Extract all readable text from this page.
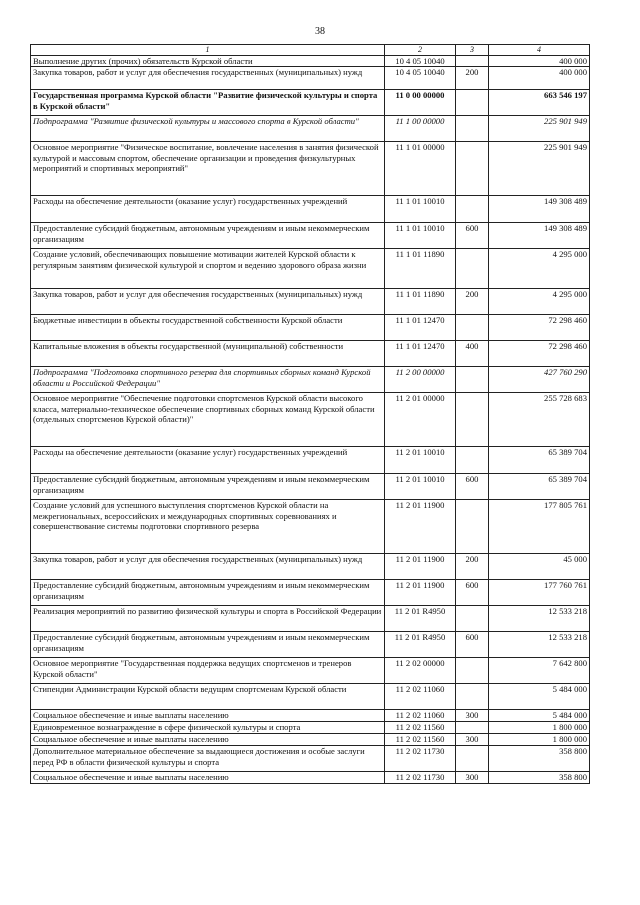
38
1	2	3	4
Выполнение других (прочих) обязательств Курской области	10 4 05 10040		400 000
Закупка товаров, работ и услуг для обеспечения государственных (муниципальных) нужд	10 4 05 10040	200	400 000
Государственная программа Курской области "Развитие физической культуры и спорта в Курской области"	11 0 00 00000		663 546 197
Подпрограмма "Развитие физической культуры и массового спорта в Курской области"	11 1 00 00000		225 901 949
Основное мероприятие "Физическое воспитание, вовлечение населения в занятия физической культурой и массовым спортом, обеспечение организации и проведения физкультурных мероприятий и спортивных мероприятий"	11 1 01 00000		225 901 949
Расходы на обеспечение деятельности (оказание услуг) государственных учреждений	11 1 01 10010		149 308 489
Предоставление субсидий бюджетным, автономным учреждениям и иным некоммерческим организациям	11 1 01 10010	600	149 308 489
Создание условий, обеспечивающих повышение мотивации жителей Курской области к регулярным занятиям физической культурой и спортом и ведению здорового образа жизни	11 1 01 11890		4 295 000
Закупка товаров, работ и услуг для обеспечения государственных (муниципальных) нужд	11 1 01 11890	200	4 295 000
Бюджетные инвестиции в объекты государственной собственности Курской области	11 1 01 12470		72 298 460
Капитальные вложения в объекты государственной (муниципальной) собственности	11 1 01 12470	400	72 298 460
Подпрограмма "Подготовка спортивного резерва для спортивных сборных команд Курской области и Российской Федерации"	11 2 00 00000		427 760 290
Основное мероприятие "Обеспечение подготовки спортсменов Курской области высокого класса, материально-техническое обеспечение спортивных сборных команд Курской области (отдельных спортсменов Курской области)"	11 2 01 00000		255 728 683
Расходы на обеспечение деятельности (оказание услуг) государственных учреждений	11 2 01 10010		65 389 704
Предоставление субсидий бюджетным, автономным учреждениям и иным некоммерческим организациям	11 2 01 10010	600	65 389 704
Создание условий для успешного выступления спортсменов Курской области на межрегиональных, всероссийских и международных спортивных соревнованиях и совершенствование системы подготовки спортивного резерва	11 2 01 11900		177 805 761
Закупка товаров, работ и услуг для обеспечения государственных (муниципальных) нужд	11 2 01 11900	200	45 000
Предоставление субсидий бюджетным, автономным учреждениям и иным некоммерческим организациям	11 2 01 11900	600	177 760 761
Реализация мероприятий по развитию физической культуры и спорта в Российской Федерации	11 2 01 R4950		12 533 218
Предоставление субсидий бюджетным, автономным учреждениям и иным некоммерческим организациям	11 2 01 R4950	600	12 533 218
Основное мероприятие "Государственная поддержка ведущих спортсменов и тренеров Курской области"	11 2 02 00000		7 642 800
Стипендии Администрации Курской области ведущим спортсменам Курской области	11 2 02 11060		5 484 000
Социальное обеспечение и иные выплаты населению	11 2 02 11060	300	5 484 000
Единовременное вознаграждение в сфере физической культуры и спорта	11 2 02 11560		1 800 000
Социальное обеспечение и иные выплаты населению	11 2 02 11560	300	1 800 000
Дополнительное материальное обеспечение за выдающиеся достижения и особые заслуги перед РФ в области физической культуры и спорта	11 2 02 11730		358 800
Социальное обеспечение и иные выплаты населению	11 2 02 11730	300	358 800
